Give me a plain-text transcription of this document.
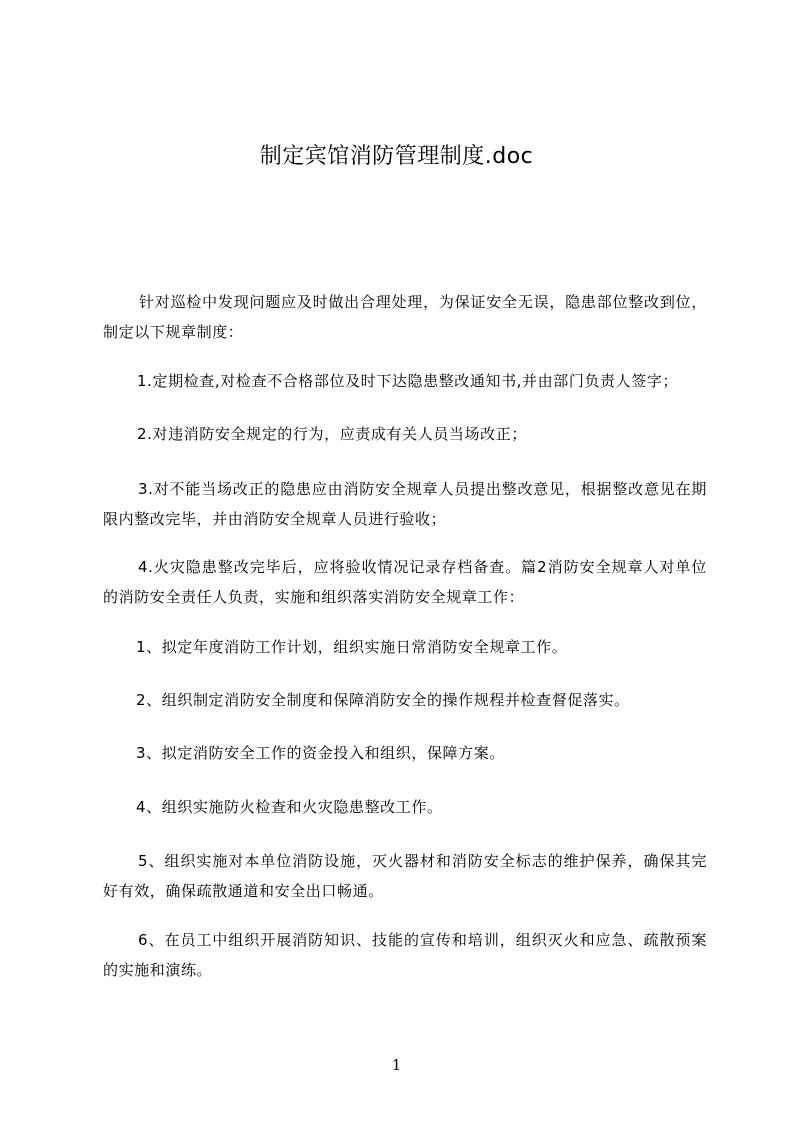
制定宾馆消防管理制度.doc

针对巡检中发现问题应及时做出合理处理，为保证安全无误，隐患部位整改到位，制定以下规章制度：

1.定期检查,对检查不合格部位及时下达隐患整改通知书,并由部门负责人签字；

2.对违消防安全规定的行为，应责成有关人员当场改正；

3.对不能当场改正的隐患应由消防安全规章人员提出整改意见，根据整改意见在期限内整改完毕，并由消防安全规章人员进行验收；

4.火灾隐患整改完毕后，应将验收情况记录存档备查。篇2消防安全规章人对单位的消防安全责任人负责，实施和组织落实消防安全规章工作：

1、拟定年度消防工作计划，组织实施日常消防安全规章工作。

2、组织制定消防安全制度和保障消防安全的操作规程并检查督促落实。

3、拟定消防安全工作的资金投入和组织，保障方案。

4、组织实施防火检查和火灾隐患整改工作。

5、组织实施对本单位消防设施，灭火器材和消防安全标志的维护保养，确保其完好有效，确保疏散通道和安全出口畅通。

6、在员工中组织开展消防知识、技能的宣传和培训，组织灭火和应急、疏散预案的实施和演练。

1
